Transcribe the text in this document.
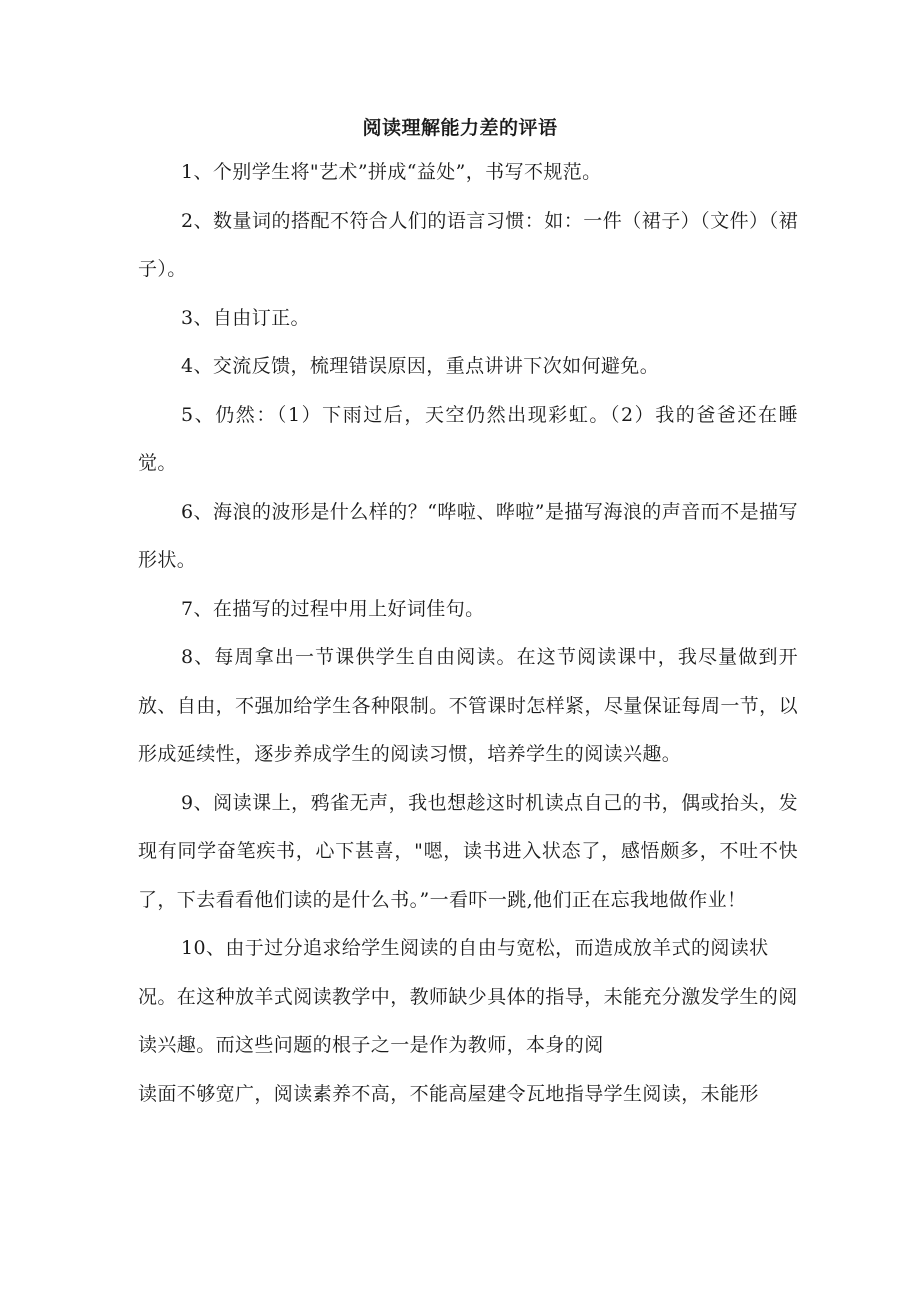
阅读理解能力差的评语

1、个别学生将"艺术”拼成“益处”，书写不规范。

2、数量词的搭配不符合人们的语言习惯：如：一件（裙子）（文件）（裙子）。

3、自由订正。

4、交流反馈，梳理错误原因，重点讲讲下次如何避免。

5、仍然：（1）下雨过后，天空仍然出现彩虹。（2）我的爸爸还在睡觉。

6、海浪的波形是什么样的？“哗啦、哗啦”是描写海浪的声音而不是描写形状。

7、在描写的过程中用上好词佳句。

8、每周拿出一节课供学生自由阅读。在这节阅读课中，我尽量做到开放、自由，不强加给学生各种限制。不管课时怎样紧，尽量保证每周一节，以形成延续性，逐步养成学生的阅读习惯，培养学生的阅读兴趣。

9、阅读课上，鸦雀无声，我也想趁这时机读点自己的书，偶或抬头，发现有同学奋笔疾书，心下甚喜，"嗯，读书进入状态了，感悟颇多，不吐不快了，下去看看他们读的是什么书。”一看吓一跳,他们正在忘我地做作业！

10、由于过分追求给学生阅读的自由与宽松，而造成放羊式的阅读状况。在这种放羊式阅读教学中，教师缺少具体的指导，未能充分激发学生的阅读兴趣。而这些问题的根子之一是作为教师，本身的阅

读面不够宽广，阅读素养不高，不能高屋建令瓦地指导学生阅读，未能形
